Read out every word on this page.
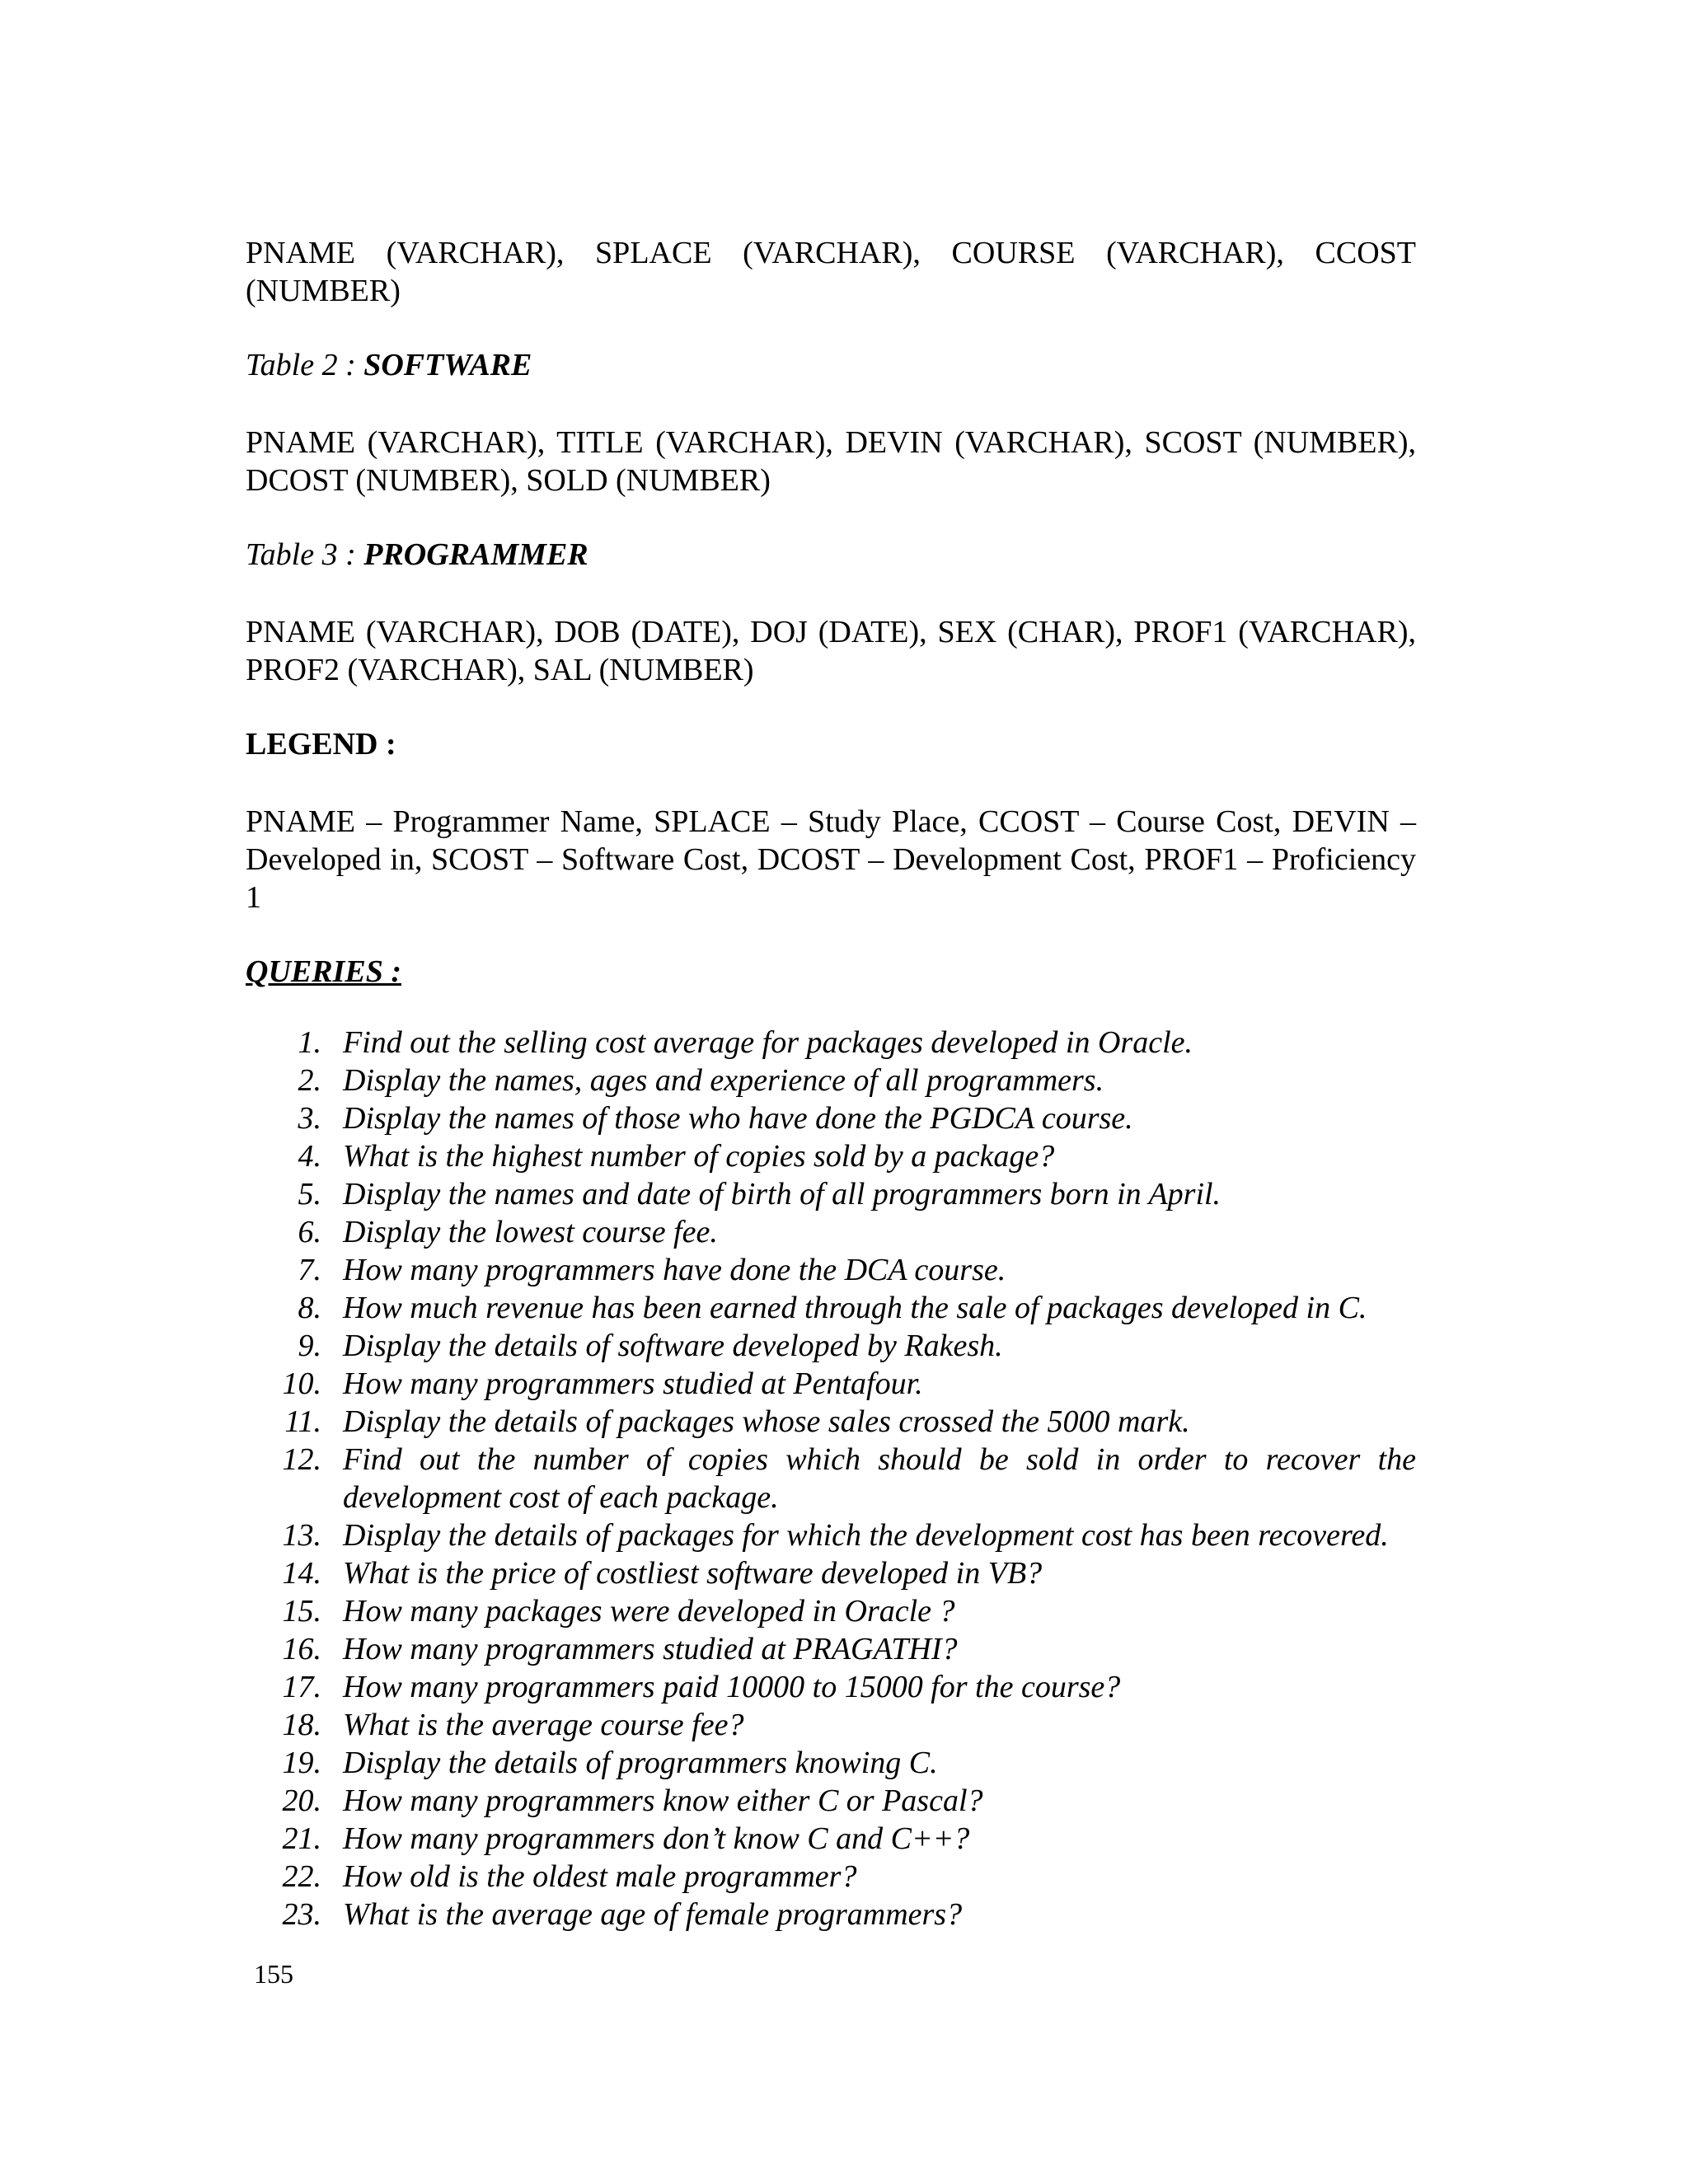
PNAME (VARCHAR), SPLACE (VARCHAR), COURSE (VARCHAR), CCOST (NUMBER)

Table 2 : SOFTWARE

PNAME (VARCHAR), TITLE (VARCHAR), DEVIN (VARCHAR), SCOST (NUMBER), DCOST (NUMBER), SOLD (NUMBER)

Table 3 : PROGRAMMER

PNAME (VARCHAR), DOB (DATE), DOJ (DATE), SEX (CHAR), PROF1 (VARCHAR), PROF2 (VARCHAR), SAL (NUMBER)

LEGEND :

PNAME – Programmer Name, SPLACE – Study Place, CCOST – Course Cost, DEVIN – Developed in, SCOST – Software Cost, DCOST – Development Cost, PROF1 – Proficiency 1

QUERIES :

1. Find out the selling cost average for packages developed in Oracle.
2. Display the names, ages and experience of all programmers.
3. Display the names of those who have done the PGDCA course.
4. What is the highest number of copies sold by a package?
5. Display the names and date of birth of all programmers born in April.
6. Display the lowest course fee.
7. How many programmers have done the DCA course.
8. How much revenue has been earned through the sale of packages developed in C.
9. Display the details of software developed by Rakesh.
10. How many programmers studied at Pentafour.
11. Display the details of packages whose sales crossed the 5000 mark.
12. Find out the number of copies which should be sold in order to recover the development cost of each package.
13. Display the details of packages for which the development cost has been recovered.
14. What is the price of costliest software developed in VB?
15. How many packages were developed in Oracle ?
16. How many programmers studied at PRAGATHI?
17. How many programmers paid 10000 to 15000 for the course?
18. What is the average course fee?
19. Display the details of programmers knowing C.
20. How many programmers know either C or Pascal?
21. How many programmers don’t know C and C++?
22. How old is the oldest male programmer?
23. What is the average age of female programmers?
155
